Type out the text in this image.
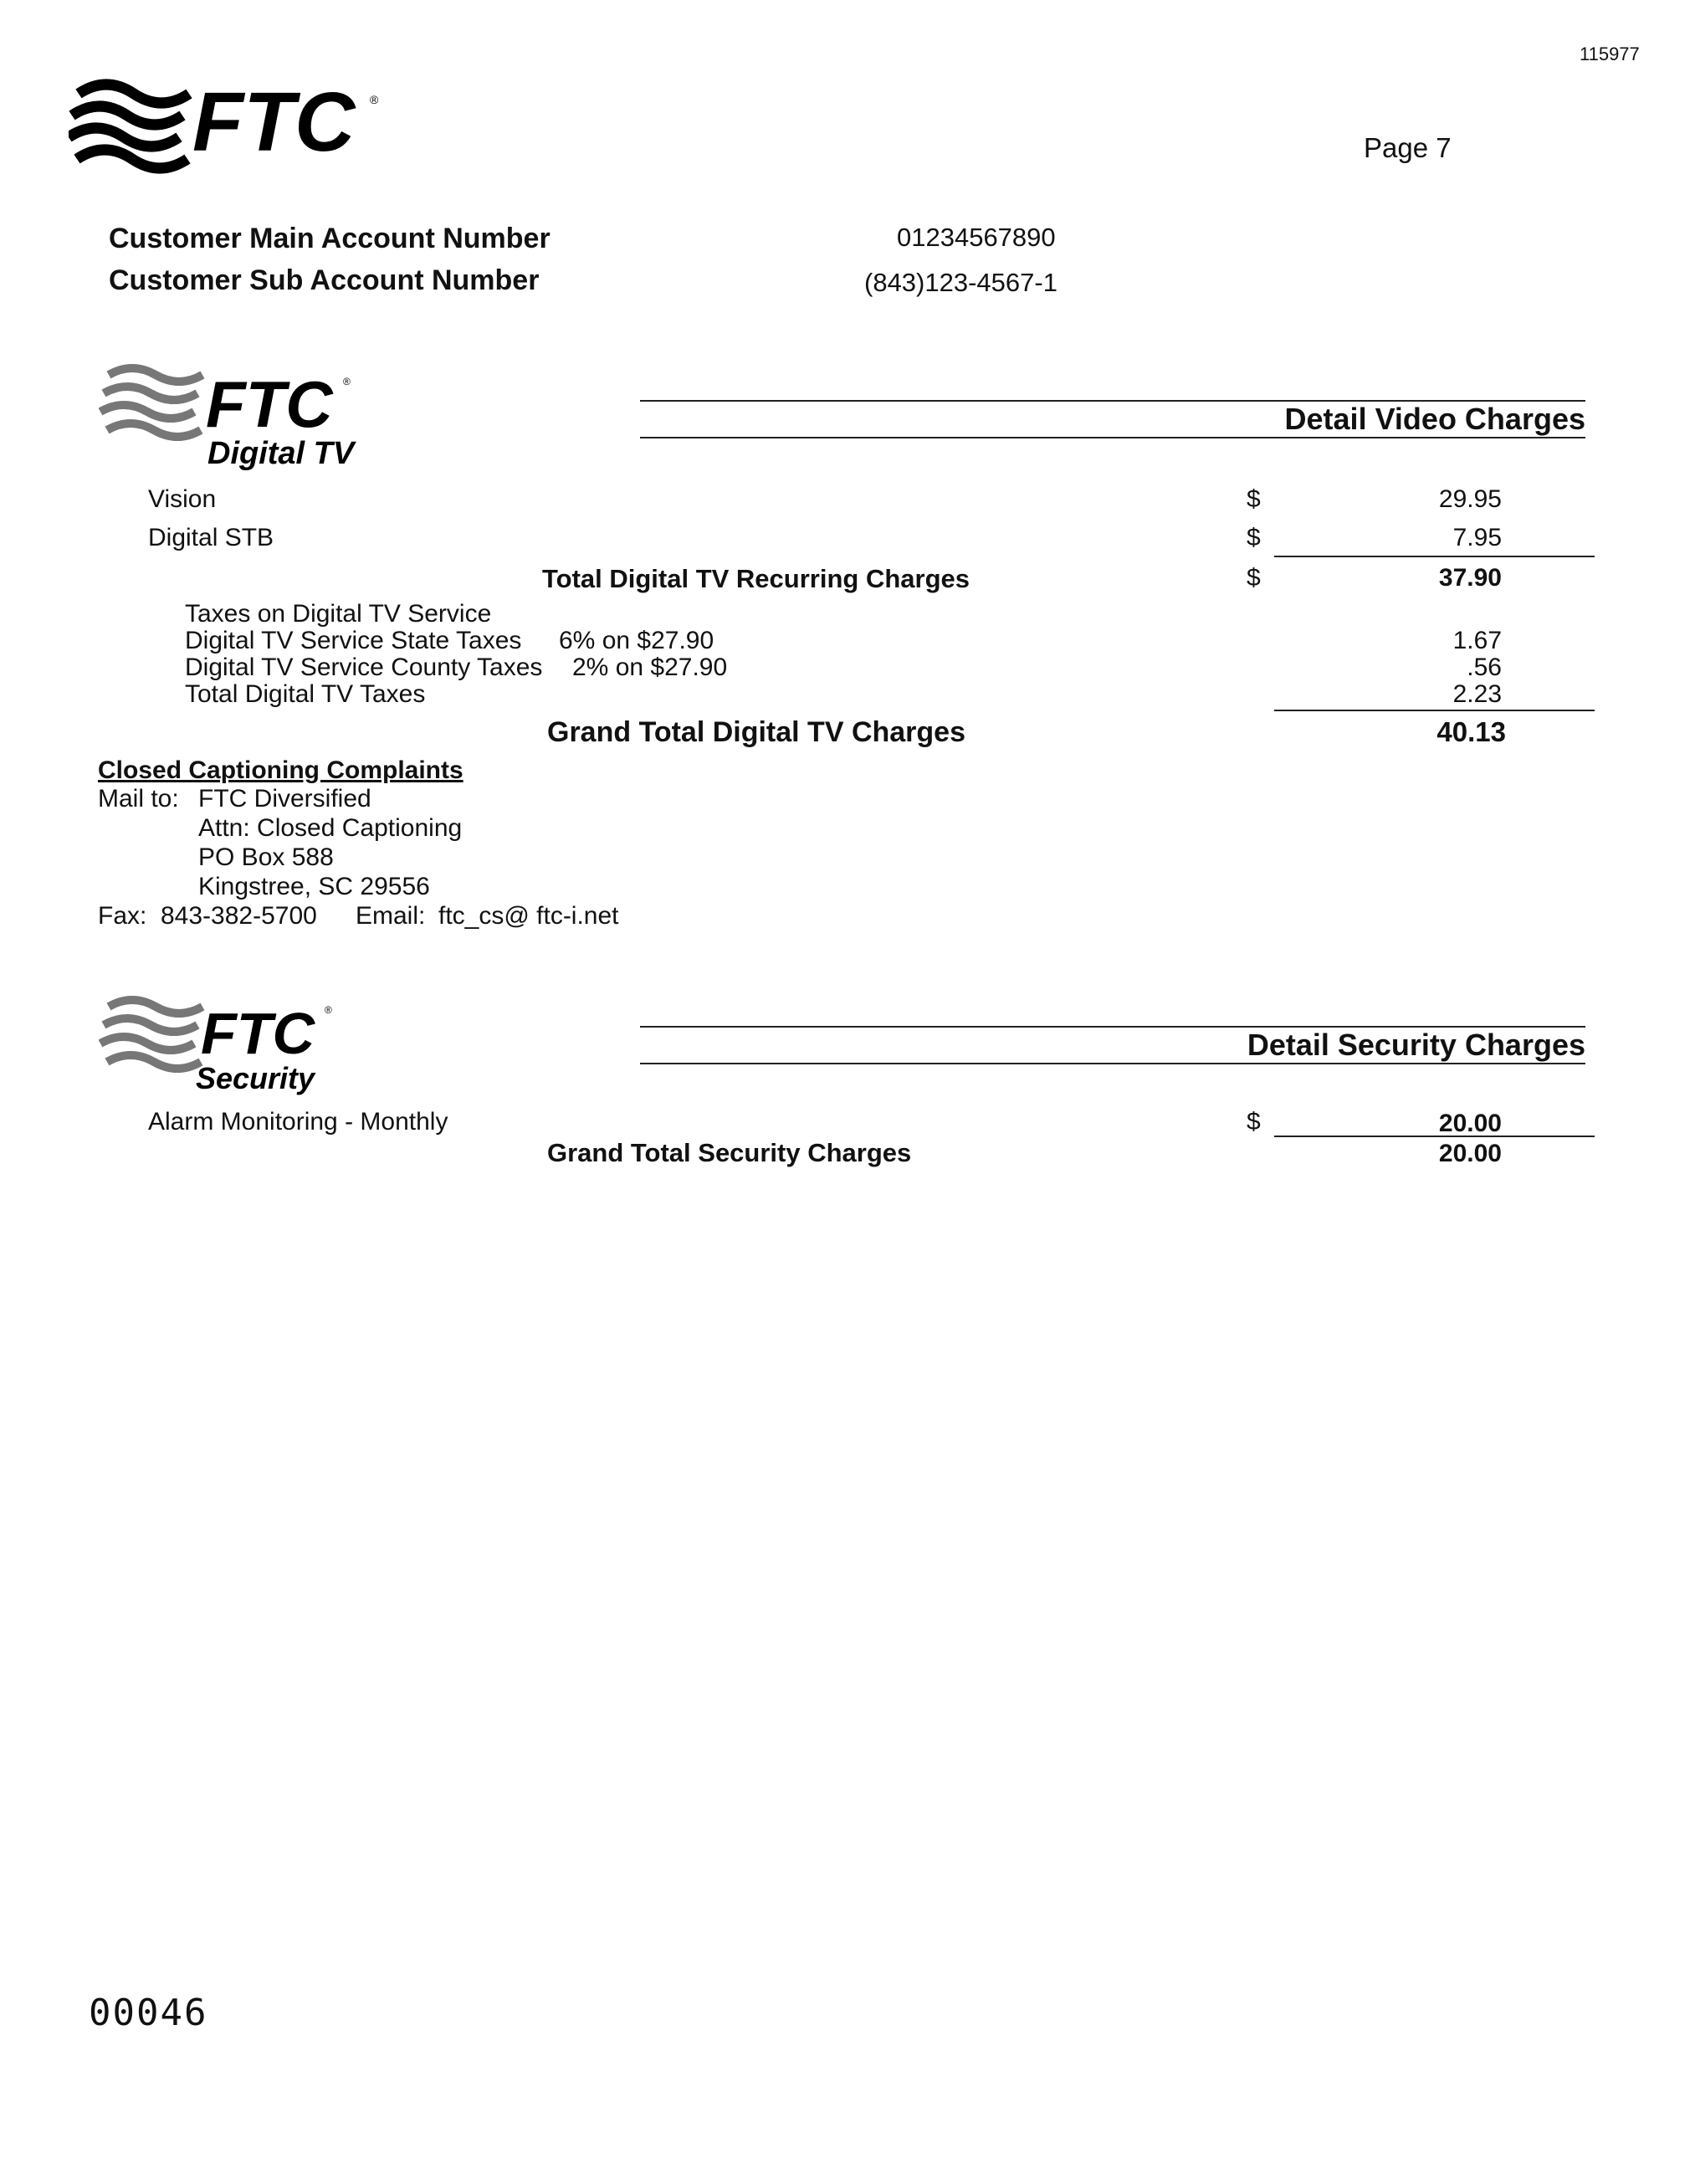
115977
FTC ®
Page 7
Customer Main Account Number	01234567890
Customer Sub Account Number	(843)123-4567-1
FTC ®
Digital TV
Detail Video Charges
Vision	$	29.95
Digital STB	$	7.95
Total Digital TV Recurring Charges	$	37.90
Taxes on Digital TV Service
Digital TV Service State Taxes 6% on $27.90	1.67
Digital TV Service County Taxes 2% on $27.90	.56
Total Digital TV Taxes	2.23
Grand Total Digital TV Charges	40.13
Closed Captioning Complaints
Mail to: FTC Diversified
Attn: Closed Captioning
PO Box 588
Kingstree, SC 29556
Fax: 843-382-5700 Email: ftc_cs@ ftc-i.net
FTC ®
Security
Detail Security Charges
Alarm Monitoring - Monthly	$	20.00
Grand Total Security Charges	20.00
00046
